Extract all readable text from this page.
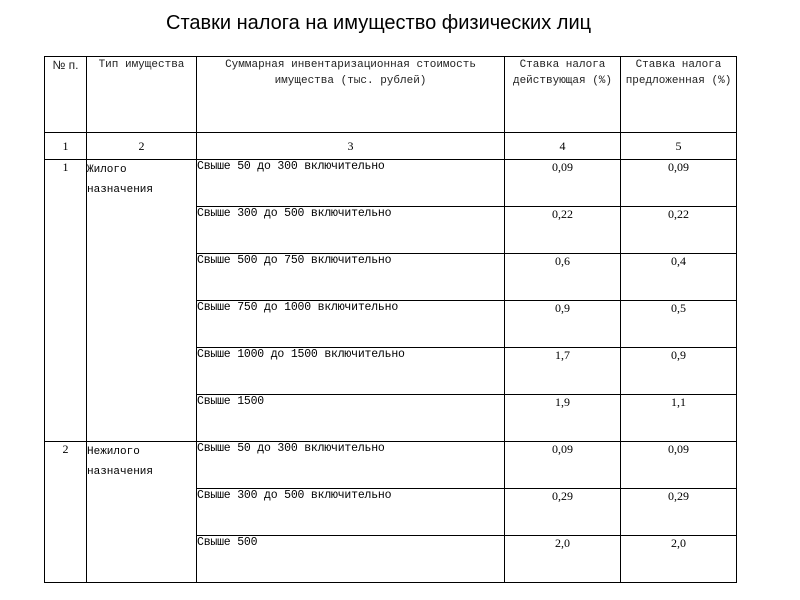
Ставки налога на имущество физических лиц
№ п.	Тип имущества	Суммарная инвентаризационная стоимость имущества (тыс. рублей)	Ставка налога действующая (%)	Ставка налога предложенная (%)
1	2	3	4	5
1	Жилого назначения	Свыше 50 до 300 включительно	0,09	0,09
		Свыше 300 до 500 включительно	0,22	0,22
		Свыше 500 до 750 включительно	0,6	0,4
		Свыше 750 до 1000 включительно	0,9	0,5
		Свыше 1000 до 1500 включительно	1,7	0,9
		Свыше 1500	1,9	1,1
2	Нежилого назначения	Свыше 50 до 300 включительно	0,09	0,09
		Свыше 300 до 500 включительно	0,29	0,29
		Свыше 500	2,0	2,0
